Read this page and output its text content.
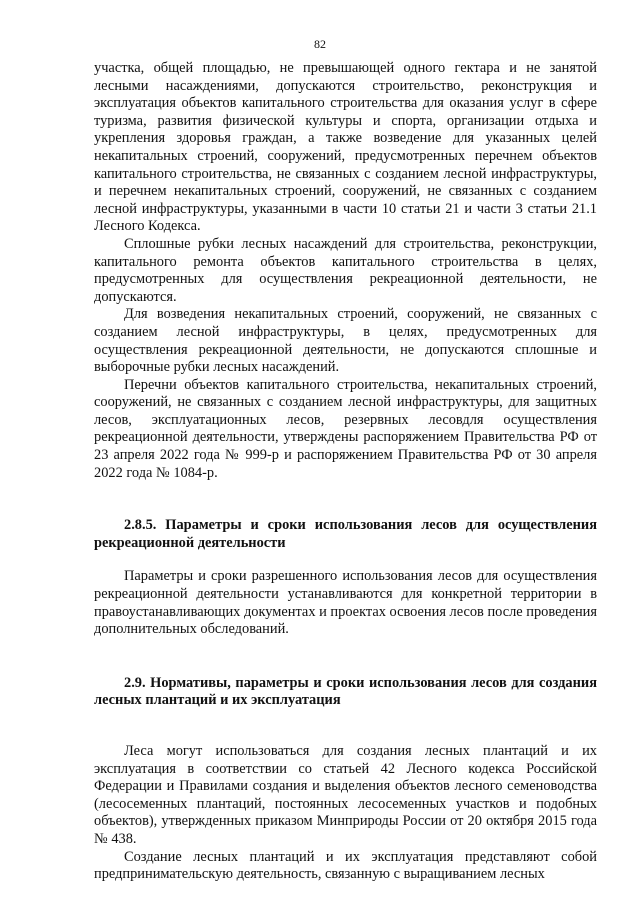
82

участка, общей площадью, не превышающей одного гектара и не занятой лесными насаждениями, допускаются строительство, реконструкция и эксплуатация объектов капитального строительства для оказания услуг в сфере туризма, развития физической культуры и спорта, организации отдыха и укрепления здоровья граждан, а также возведение для указанных целей некапитальных строений, сооружений, предусмотренных перечнем объектов капитального строительства, не связанных с созданием лесной инфраструктуры, и перечнем некапитальных строений, сооружений, не связанных с созданием лесной инфраструктуры, указанными в части 10 статьи 21 и части 3 статьи 21.1 Лесного Кодекса.

Сплошные рубки лесных насаждений для строительства, реконструкции, капитального ремонта объектов капитального строительства в целях, предусмотренных для осуществления рекреационной деятельности, не допускаются.

Для возведения некапитальных строений, сооружений, не связанных с созданием лесной инфраструктуры, в целях, предусмотренных для осуществления рекреационной деятельности, не допускаются сплошные и выборочные рубки лесных насаждений.

Перечни объектов капитального строительства, некапитальных строений, сооружений, не связанных с созданием лесной инфраструктуры, для защитных лесов, эксплуатационных лесов, резервных лесовдля осуществления рекреационной деятельности, утверждены распоряжением Правительства РФ от 23 апреля 2022 года № 999-р и распоряжением Правительства РФ от 30 апреля 2022 года № 1084-р.

2.8.5. Параметры и сроки использования лесов для осуществления рекреационной деятельности

Параметры и сроки разрешенного использования лесов для осуществления рекреационной деятельности устанавливаются для конкретной территории в правоустанавливающих документах и проектах освоения лесов после проведения дополнительных обследований.

2.9. Нормативы, параметры и сроки использования лесов для создания лесных плантаций и их эксплуатация

Леса могут использоваться для создания лесных плантаций и их эксплуатация в соответствии со статьей 42 Лесного кодекса Российской Федерации и Правилами создания и выделения объектов лесного семеноводства (лесосеменных плантаций, постоянных лесосеменных участков и подобных объектов), утвержденных приказом Минприроды России от 20 октября 2015 года № 438.

Создание лесных плантаций и их эксплуатация представляют собой предпринимательскую деятельность, связанную с выращиванием лесных
